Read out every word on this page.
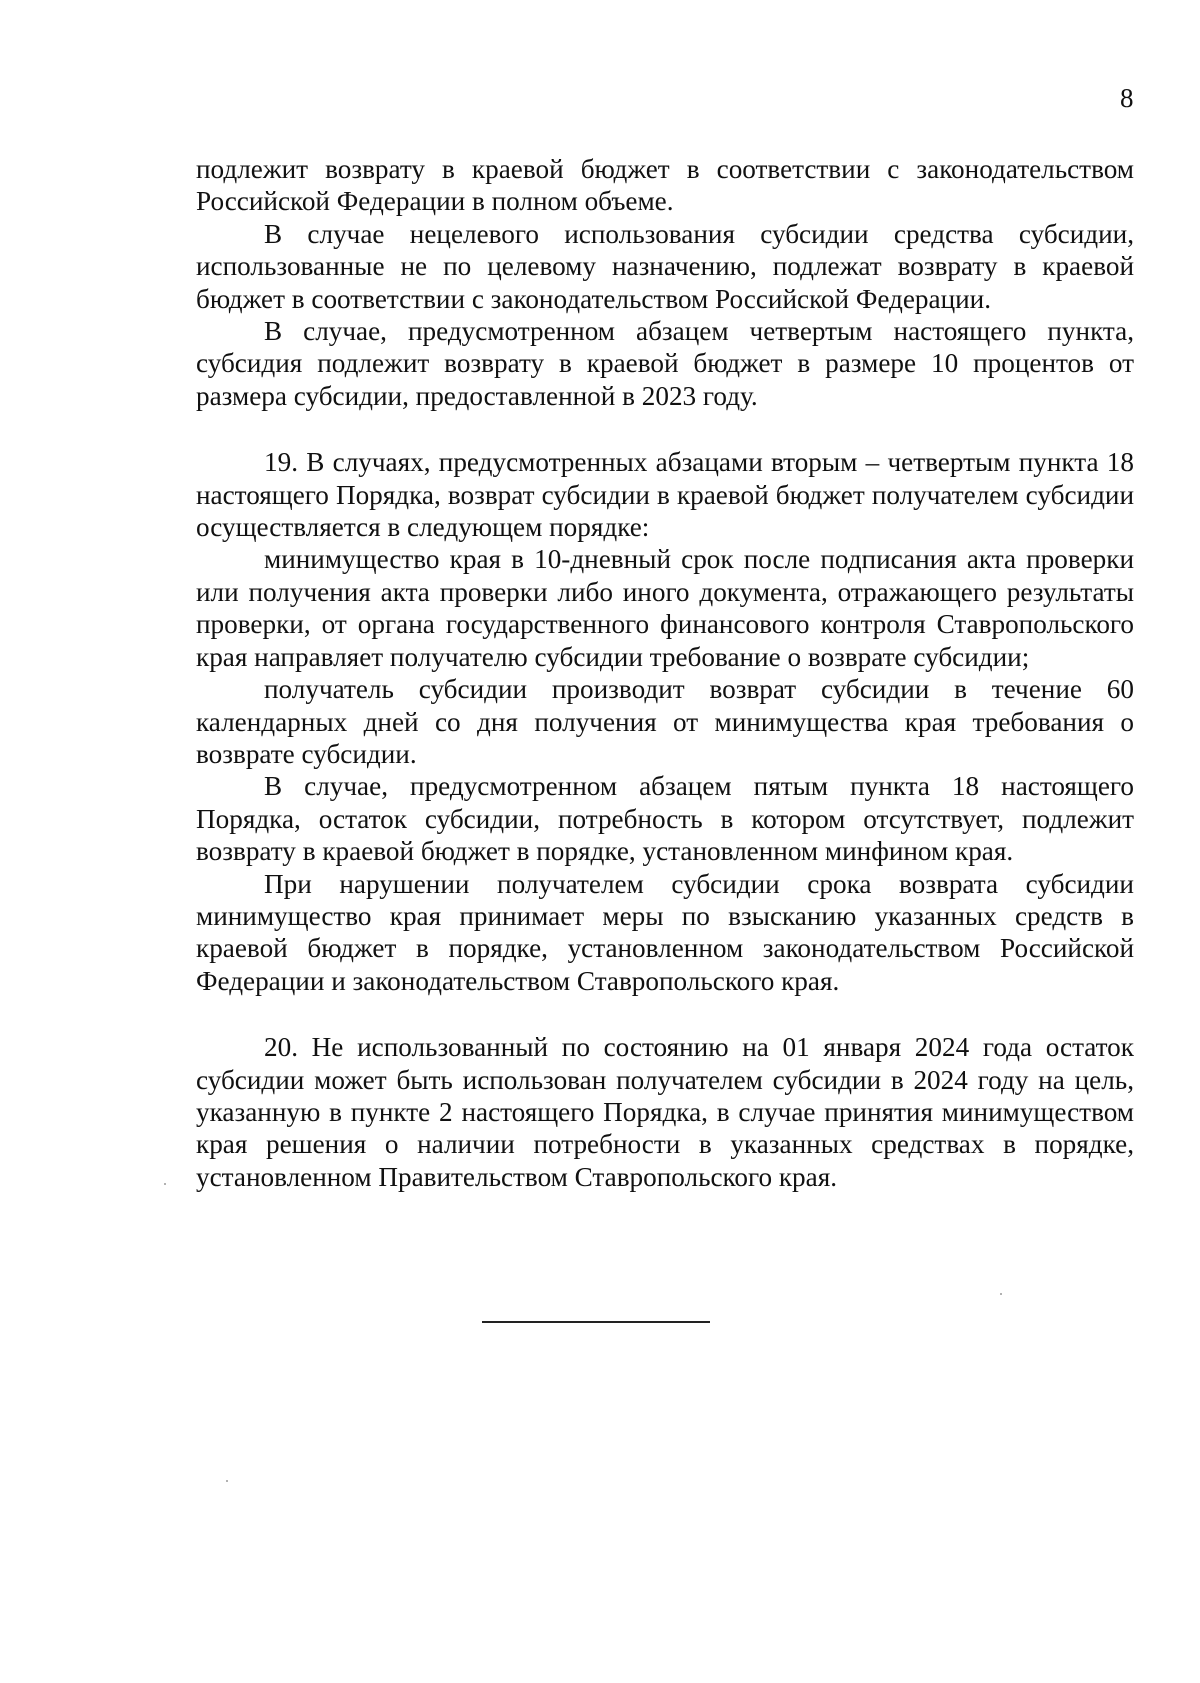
8

подлежит возврату в краевой бюджет в соответствии с законодательством Российской Федерации в полном объеме.

В случае нецелевого использования субсидии средства субсидии, использованные не по целевому назначению, подлежат возврату в краевой бюджет в соответствии с законодательством Российской Федерации.

В случае, предусмотренном абзацем четвертым настоящего пункта, субсидия подлежит возврату в краевой бюджет в размере 10 процентов от размера субсидии, предоставленной в 2023 году.

19. В случаях, предусмотренных абзацами вторым – четвертым пункта 18 настоящего Порядка, возврат субсидии в краевой бюджет получателем субсидии осуществляется в следующем порядке:

минимущество края в 10-дневный срок после подписания акта проверки или получения акта проверки либо иного документа, отражающего результаты проверки, от органа государственного финансового контроля Ставропольского края направляет получателю субсидии требование о возврате субсидии;

получатель субсидии производит возврат субсидии в течение 60 календарных дней со дня получения от минимущества края требования о возврате субсидии.

В случае, предусмотренном абзацем пятым пункта 18 настоящего Порядка, остаток субсидии, потребность в котором отсутствует, подлежит возврату в краевой бюджет в порядке, установленном минфином края.

При нарушении получателем субсидии срока возврата субсидии минимущество края принимает меры по взысканию указанных средств в краевой бюджет в порядке, установленном законодательством Российской Федерации и законодательством Ставропольского края.

20. Не использованный по состоянию на 01 января 2024 года остаток субсидии может быть использован получателем субсидии в 2024 году на цель, указанную в пункте 2 настоящего Порядка, в случае принятия минимуществом края решения о наличии потребности в указанных средствах в порядке, установленном Правительством Ставропольского края.
